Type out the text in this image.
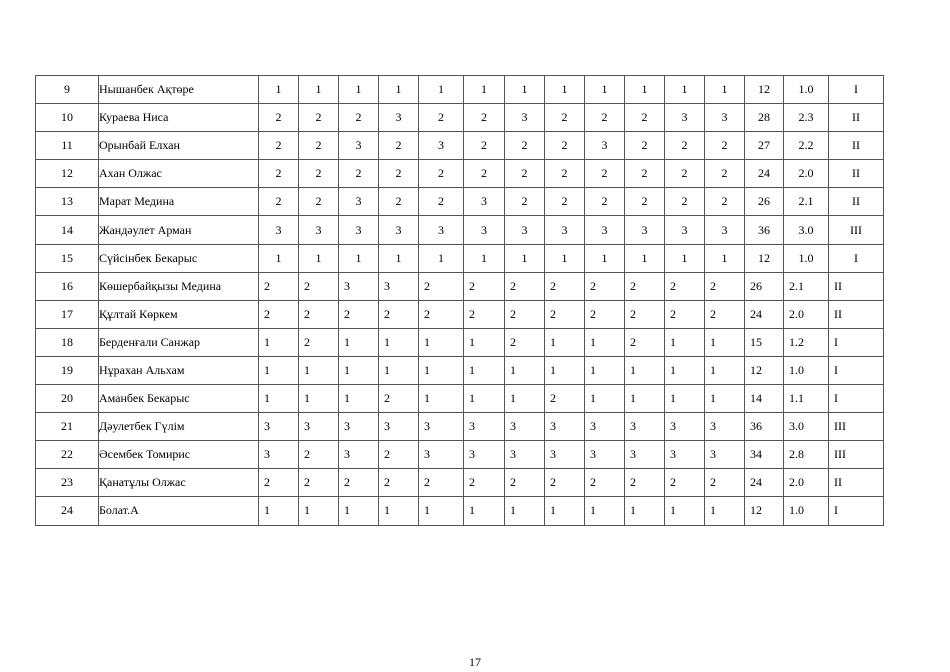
9	Нышанбек Ақтөре	1	1	1	1	1	1	1	1	1	1	1	1	12	1.0	I
10	Кураева Ниса	2	2	2	3	2	2	3	2	2	2	3	3	28	2.3	II
11	Орынбай Елхан	2	2	3	2	3	2	2	2	3	2	2	2	27	2.2	II
12	Ахан Олжас	2	2	2	2	2	2	2	2	2	2	2	2	24	2.0	II
13	Марат Медина	2	2	3	2	2	3	2	2	2	2	2	2	26	2.1	II
14	Жандәулет Арман	3	3	3	3	3	3	3	3	3	3	3	3	36	3.0	III
15	Сүйсінбек Бекарыс	1	1	1	1	1	1	1	1	1	1	1	1	12	1.0	I
16	Көшербайқызы Медина	2	2	3	3	2	2	2	2	2	2	2	2	26	2.1	II
17	Құлтай Көркем	2	2	2	2	2	2	2	2	2	2	2	2	24	2.0	II
18	Берденғали Санжар	1	2	1	1	1	1	2	1	1	2	1	1	15	1.2	I
19	Нұрахан Альхам	1	1	1	1	1	1	1	1	1	1	1	1	12	1.0	I
20	Аманбек Бекарыс	1	1	1	2	1	1	1	2	1	1	1	1	14	1.1	I
21	Дәулетбек Гүлім	3	3	3	3	3	3	3	3	3	3	3	3	36	3.0	III
22	Әсембек Томирис	3	2	3	2	3	3	3	3	3	3	3	3	34	2.8	III
23	Қанатұлы Олжас	2	2	2	2	2	2	2	2	2	2	2	2	24	2.0	II
24	Болат.А	1	1	1	1	1	1	1	1	1	1	1	1	12	1.0	I
17
